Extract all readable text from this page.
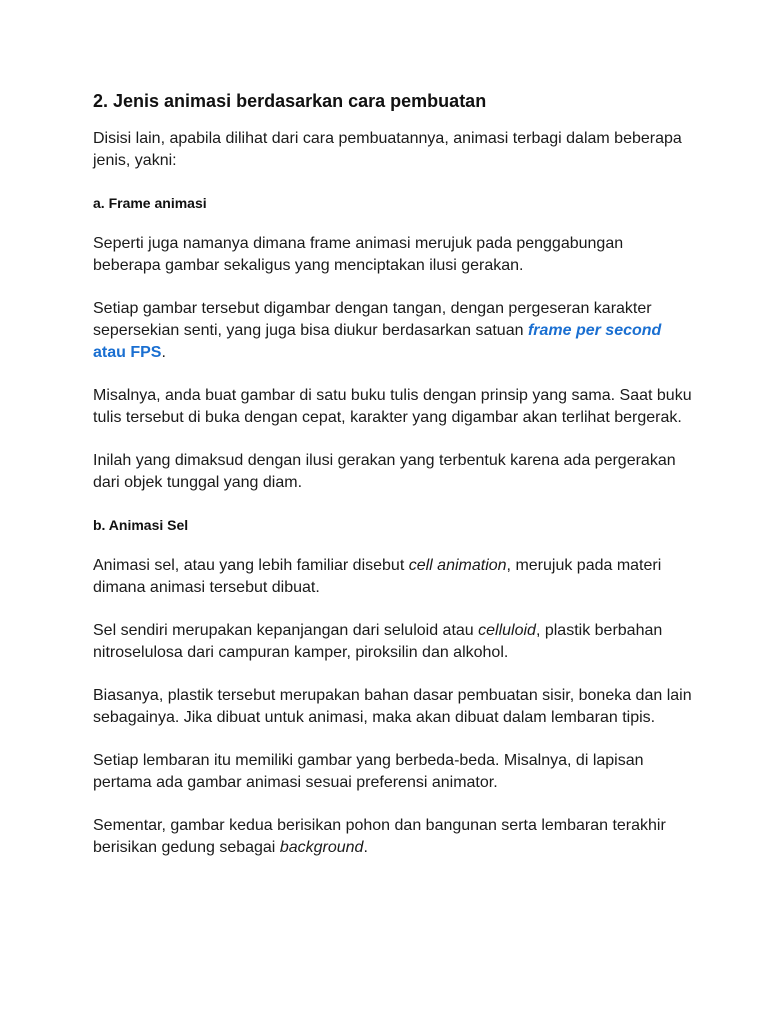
2. Jenis animasi berdasarkan cara pembuatan

Disisi lain, apabila dilihat dari cara pembuatannya, animasi terbagi dalam beberapa jenis, yakni:

a. Frame animasi

Seperti juga namanya dimana frame animasi merujuk pada penggabungan beberapa gambar sekaligus yang menciptakan ilusi gerakan.

Setiap gambar tersebut digambar dengan tangan, dengan pergeseran karakter sepersekian senti, yang juga bisa diukur berdasarkan satuan frame per second atau FPS.

Misalnya, anda buat gambar di satu buku tulis dengan prinsip yang sama. Saat buku tulis tersebut di buka dengan cepat, karakter yang digambar akan terlihat bergerak.

Inilah yang dimaksud dengan ilusi gerakan yang terbentuk karena ada pergerakan dari objek tunggal yang diam.

b. Animasi Sel

Animasi sel, atau yang lebih familiar disebut cell animation, merujuk pada materi dimana animasi tersebut dibuat.

Sel sendiri merupakan kepanjangan dari seluloid atau celluloid, plastik berbahan nitroselulosa dari campuran kamper, piroksilin dan alkohol.

Biasanya, plastik tersebut merupakan bahan dasar pembuatan sisir, boneka dan lain sebagainya. Jika dibuat untuk animasi, maka akan dibuat dalam lembaran tipis.

Setiap lembaran itu memiliki gambar yang berbeda-beda. Misalnya, di lapisan pertama ada gambar animasi sesuai preferensi animator.

Sementar, gambar kedua berisikan pohon dan bangunan serta lembaran terakhir berisikan gedung sebagai background.
